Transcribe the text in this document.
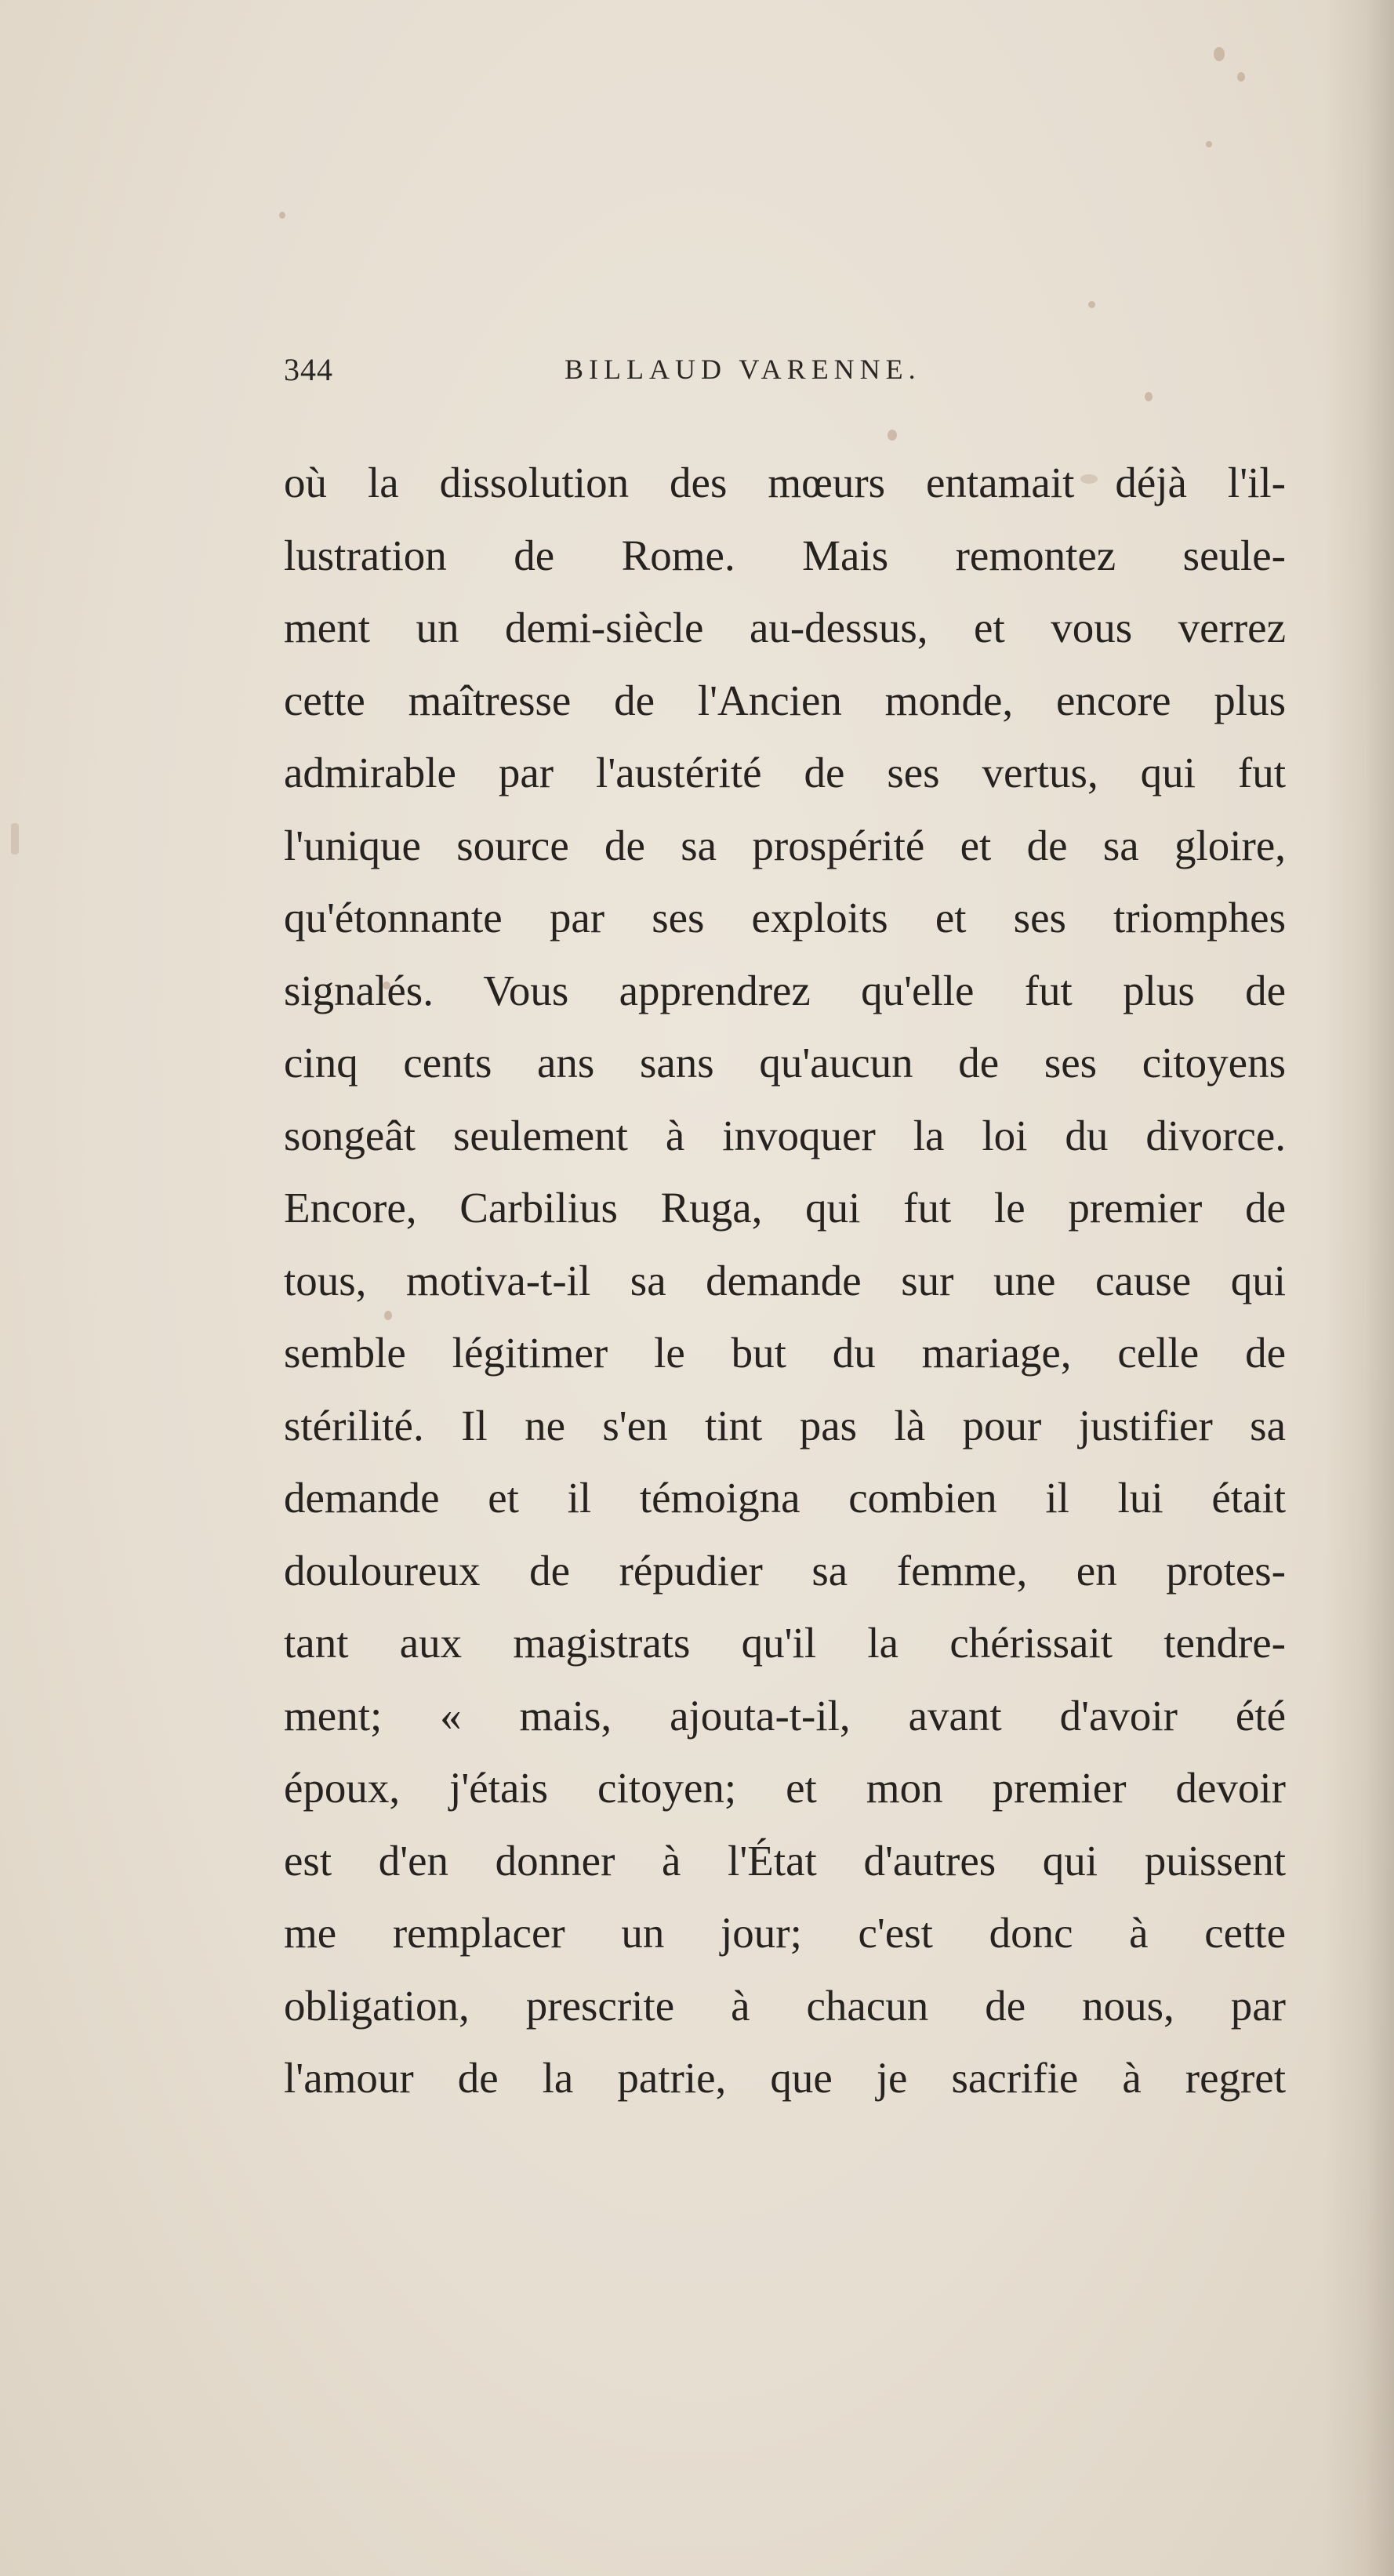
344	BILLAUD VARENNE.
où la dissolution des mœurs entamait déjà l'il-
lustration de Rome. Mais remontez seule-
ment un demi-siècle au-dessus, et vous verrez
cette maîtresse de l'Ancien monde, encore plus
admirable par l'austérité de ses vertus, qui fut
l'unique source de sa prospérité et de sa gloire,
qu'étonnante par ses exploits et ses triomphes
signalés. Vous apprendrez qu'elle fut plus de
cinq cents ans sans qu'aucun de ses citoyens
songeât seulement à invoquer la loi du divorce.
Encore, Carbilius Ruga, qui fut le premier de
tous, motiva-t-il sa demande sur une cause qui
semble légitimer le but du mariage, celle de
stérilité. Il ne s'en tint pas là pour justifier sa
demande et il témoigna combien il lui était
douloureux de répudier sa femme, en protes-
tant aux magistrats qu'il la chérissait tendre-
ment; « mais, ajouta-t-il, avant d'avoir été
époux, j'étais citoyen; et mon premier devoir
est d'en donner à l'État d'autres qui puissent
me remplacer un jour; c'est donc à cette
obligation, prescrite à chacun de nous, par
l'amour de la patrie, que je sacrifie à regret
